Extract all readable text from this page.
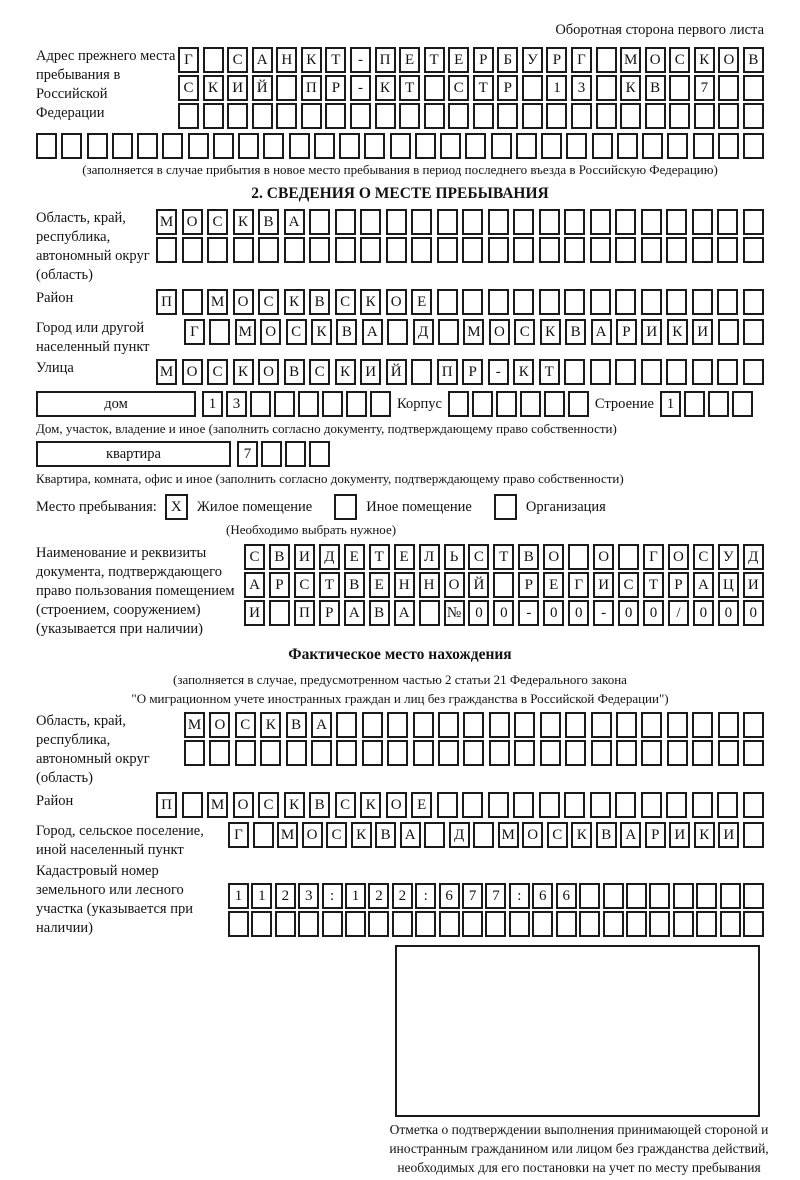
Оборотная сторона первого листа
Адрес прежнего места пребывания в Российской Федерации
Г	С А Н К Т	-	П Е	Т	Е	Р	Б У	Р	Г	М О С К О В
С К И Й	П Р	-	К Т	С Т	Р	1	3	К В	7
(заполняется в случае прибытия в новое место пребывания в период последнего въезда в Российскую Федерацию)
2. СВЕДЕНИЯ О МЕСТЕ ПРЕБЫВАНИЯ
Область, край, республика, автономный округ (область)
М О	С	К	В	А
Район	П	М О	С	К	В	С	К	О	Е
Город или другой населенный пункт
Г	М О С	К	В А	Д	М О С	К	В А	Р	И К И
Улица	М О	С	К	О	В	С	К	И Й	П	Р	-	К	Т
дом	1	3	Корпус	Строение 1
Дом, участок, владение и иное (заполнить согласно документу, подтверждающему право собственности)
квартира	7
Квартира, комната, офис и иное (заполнить согласно документу, подтверждающему право собственности)
Место пребывания: X	Жилое помещение	Иное помещение	Организация
(Необходимо выбрать нужное)
Наименование и реквизиты документа, подтверждающего право пользования помещением (строением, сооружением) (указывается при наличии)
С В И Д	Е	Т	Е	Л	Ь	С	Т	В О	О	Г	О С У Д
А	Р	С	Т	В	Е Н Н О Й	Р	Е	Г	И С	Т	Р	А Ц И
И	П	Р	А В А	№ 0	0	-	0	0	-	0	0	/	0	0	0
Фактическое место нахождения
(заполняется в случае, предусмотренном частью 2 статьи 21 Федерального закона
"О миграционном учете иностранных граждан и лиц без гражданства в Российской Федерации")
Область, край, республика, автономный округ (область)
М О С	К	В А
Район	П	М О	С	К	В	С	К	О	Е
Город, сельское поселение, иной населенный пункт
Г	М О С К В А	Д	М О С К В А Р И К И
Кадастровый номер земельного или лесного участка (указывается при наличии)
1	1	2	3	:	1	2	2	:	6	7	7	:	6	6
Отметка о подтверждении выполнения принимающей стороной и иностранным гражданином или лицом без гражданства действий, необходимых для его постановки на учет по месту пребывания
